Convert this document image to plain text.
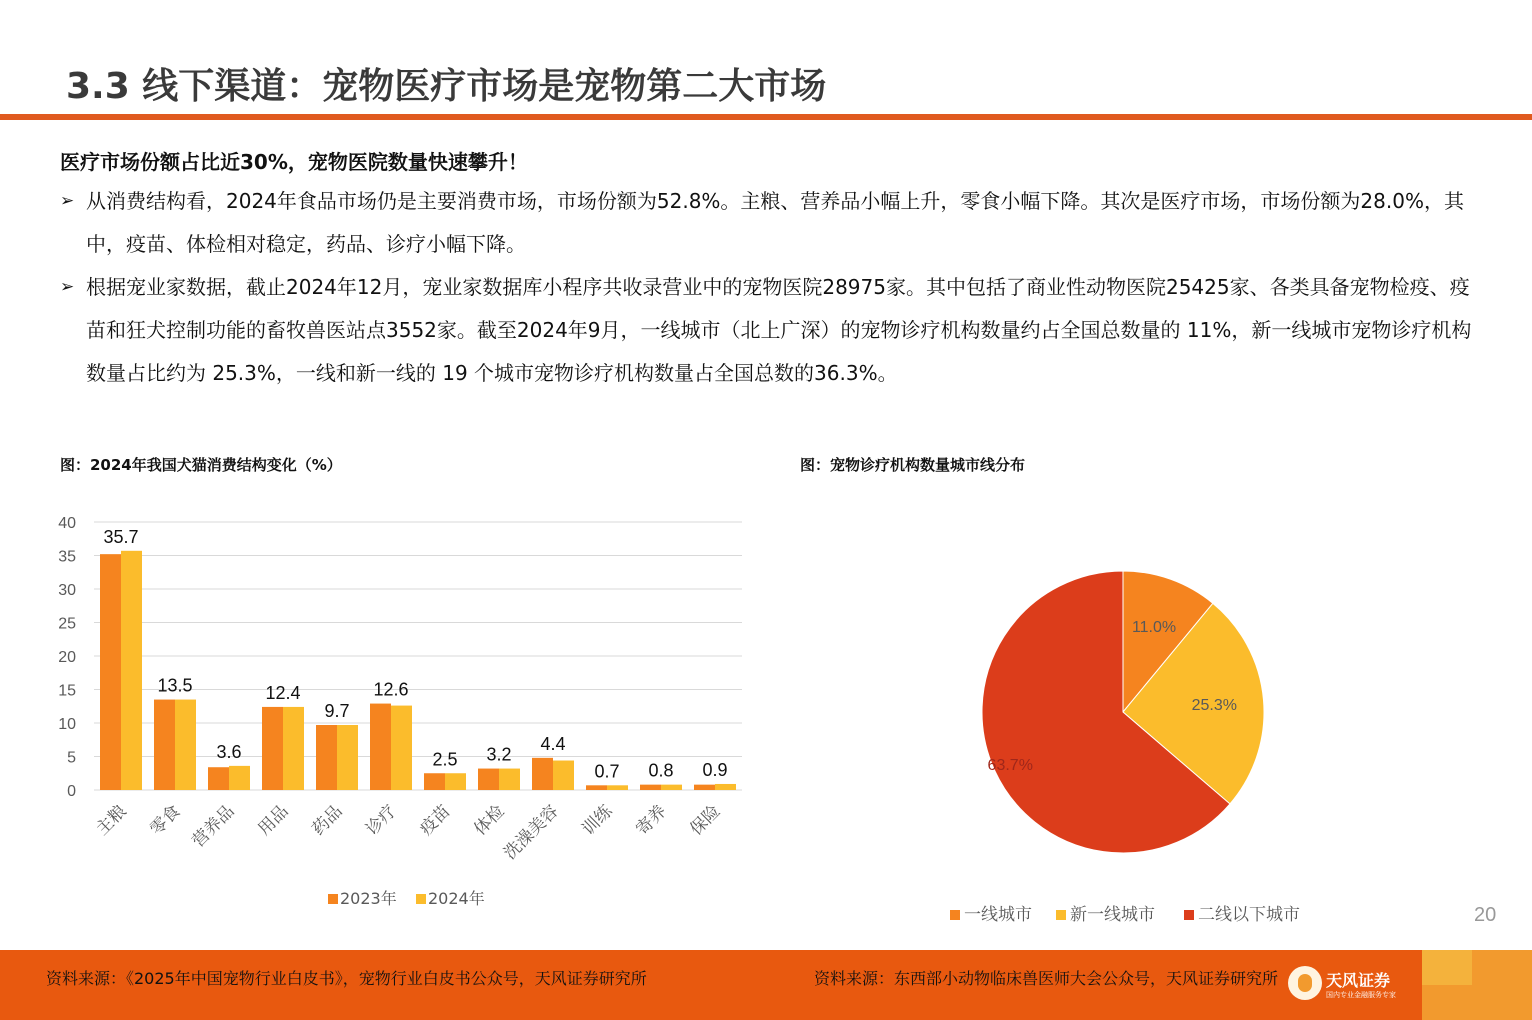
3.3 线下渠道：宠物医疗市场是宠物第二大市场
医疗市场份额占比近30%，宠物医院数量快速攀升！
➢ 从消费结构看，2024年食品市场仍是主要消费市场，市场份额为52.8%。主粮、营养品小幅上升，零食小幅下降。其次是医疗市场，市场份额为28.0%，其中，疫苗、体检相对稳定，药品、诊疗小幅下降。
➢ 根据宠业家数据，截止2024年12月，宠业家数据库小程序共收录营业中的宠物医院28975家。其中包括了商业性动物医院25425家、各类具备宠物检疫、疫苗和狂犬控制功能的畜牧兽医站点3552家。截至2024年9月，一线城市（北上广深）的宠物诊疗机构数量约占全国总数量的 11%，新一线城市宠物诊疗机构数量占比约为 25.3%，一线和新一线的 19 个城市宠物诊疗机构数量占全国总数的36.3%。
图：2024年我国犬猫消费结构变化（%）	图：宠物诊疗机构数量城市线分布
0
5
10
15
20
25
30
35
40
35.7
主粮
13.5
零食
3.6
营养品
12.4
用品
9.7
药品
12.6
诊疗
2.5
疫苗
3.2
体检
4.4
洗澡美容
0.7
训练
0.8
寄养
0.9
保险
2023年 2024年
11.0%
25.3%
63.7%
一线城市 新一线城市	二线以下城市	20
资料来源：《2025年中国宠物行业白皮书》，宠物行业白皮书公众号，天风证券研究所	资料来源：东西部小动物临床兽医师大会公众号，天风证券研究所	天风证券
国内专业金融服务专家
